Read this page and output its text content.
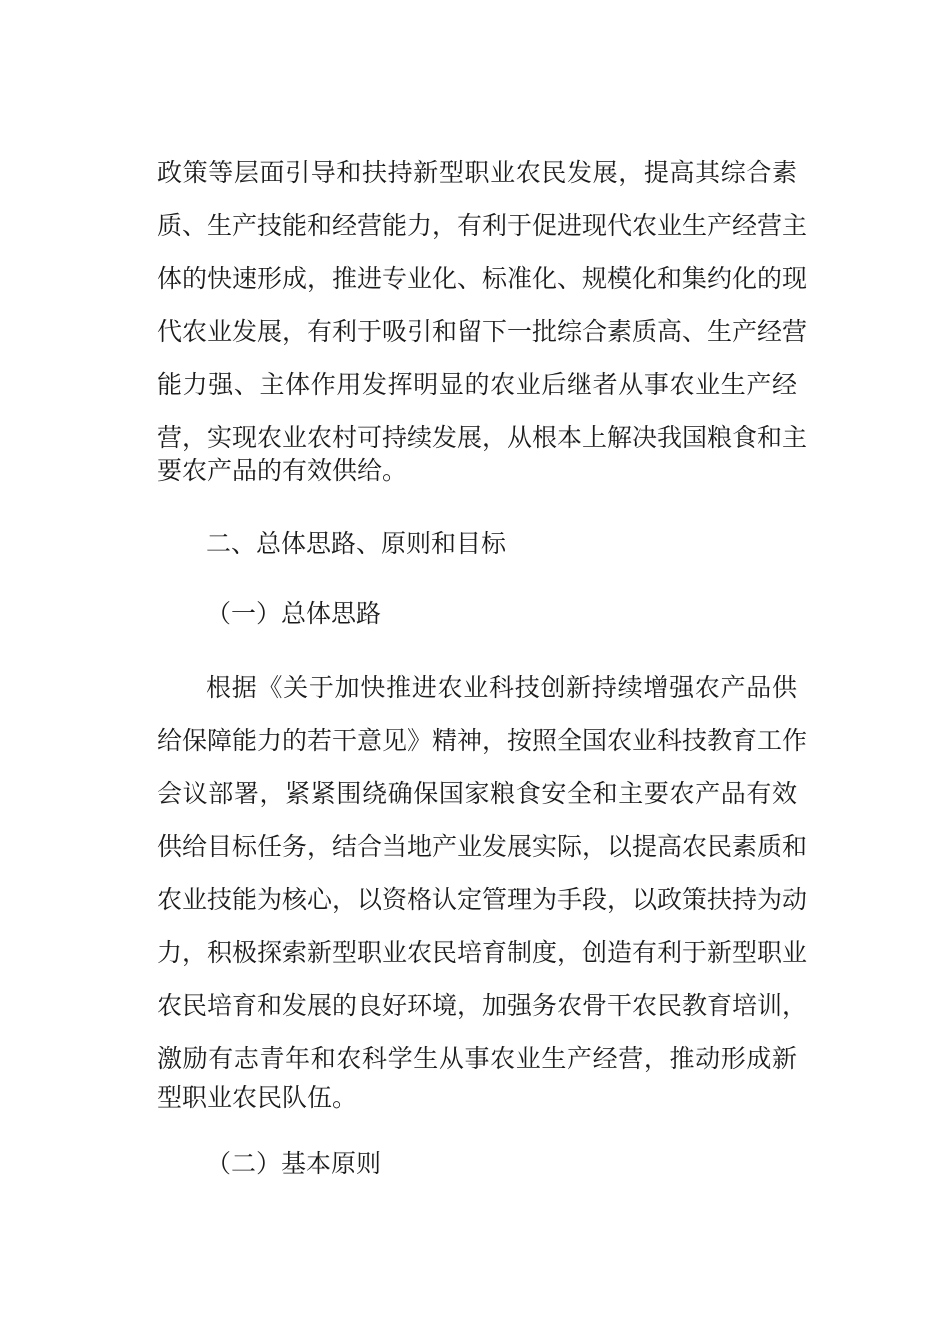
政策等层面引导和扶持新型职业农民发展，提高其综合素
质、生产技能和经营能力，有利于促进现代农业生产经营主
体的快速形成，推进专业化、标准化、规模化和集约化的现
代农业发展，有利于吸引和留下一批综合素质高、生产经营
能力强、主体作用发挥明显的农业后继者从事农业生产经
营，实现农业农村可持续发展，从根本上解决我国粮食和主
要农产品的有效供给。
二、总体思路、原则和目标
（一）总体思路
根据《关于加快推进农业科技创新持续增强农产品供
给保障能力的若干意见》精神，按照全国农业科技教育工作
会议部署，紧紧围绕确保国家粮食安全和主要农产品有效
供给目标任务，结合当地产业发展实际，以提高农民素质和
农业技能为核心，以资格认定管理为手段，以政策扶持为动
力，积极探索新型职业农民培育制度，创造有利于新型职业
农民培育和发展的良好环境，加强务农骨干农民教育培训，
激励有志青年和农科学生从事农业生产经营，推动形成新
型职业农民队伍。
（二）基本原则
